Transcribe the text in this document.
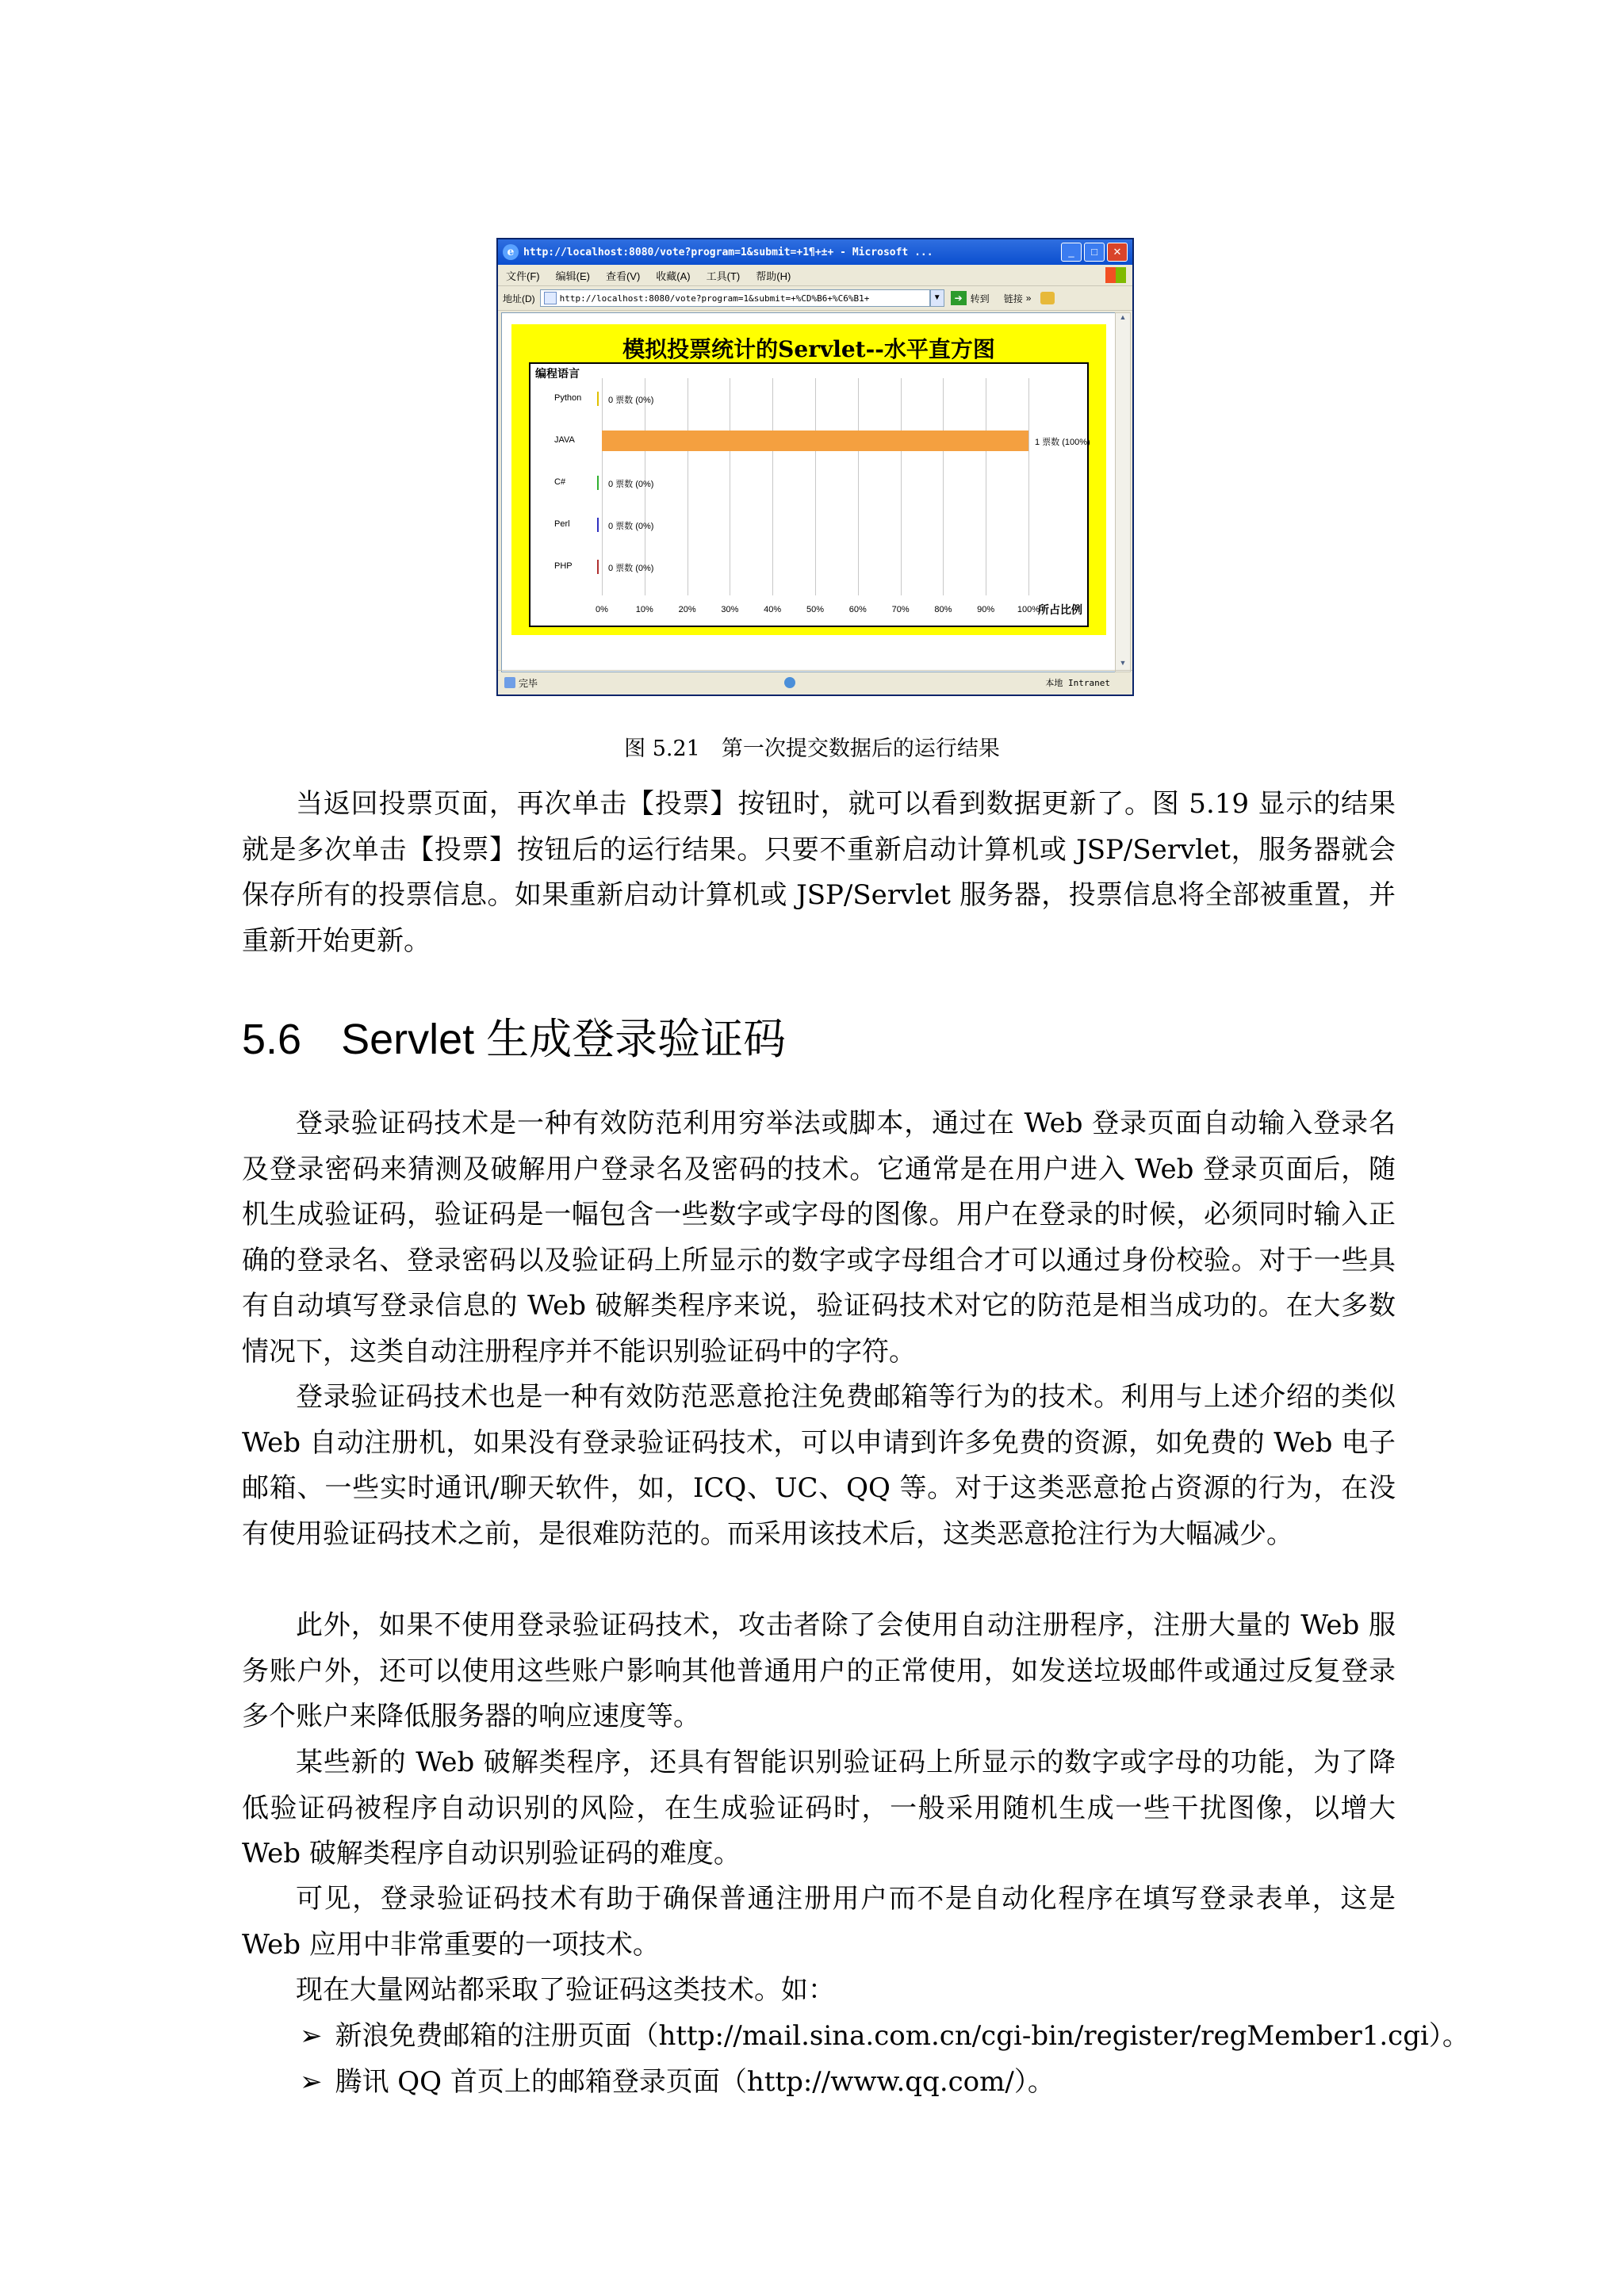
e http://localhost:8080/vote?program=1&submit=+1¶+±+ - Microsoft ...	_	□	✕
文件(F) 编辑(E) 查看(V) 收藏(A) 工具(T) 帮助(H)
地址(D)	http://localhost:8080/vote?program=1&submit=+%CD%B6+%C6%B1+	▼	➔ 转到 链接 »
模拟投票统计的Servlet--水平直方图
编程语言
所占比例
0%	10%	20%	30%	40%	50%	60%	70%	80%	90%	100%
Python	0 票数 (0%)
JAVA	1 票数 (100%)
C#	0 票数 (0%)
Perl	0 票数 (0%)
PHP	0 票数 (0%)
▲
▼
完毕	本地 Intranet
图 5.21　第一次提交数据后的运行结果
当返回投票页面，再次单击【投票】按钮时，就可以看到数据更新了。图 5.19 显示的结果就是多次单击【投票】按钮后的运行结果。只要不重新启动计算机或 JSP/Servlet，服务器就会保存所有的投票信息。如果重新启动计算机或 JSP/Servlet 服务器，投票信息将全部被重置，并重新开始更新。
5.6 Servlet 生成登录验证码
登录验证码技术是一种有效防范利用穷举法或脚本，通过在 Web 登录页面自动输入登录名及登录密码来猜测及破解用户登录名及密码的技术。它通常是在用户进入 Web 登录页面后，随机生成验证码，验证码是一幅包含一些数字或字母的图像。用户在登录的时候，必须同时输入正确的登录名、登录密码以及验证码上所显示的数字或字母组合才可以通过身份校验。对于一些具有自动填写登录信息的 Web 破解类程序来说，验证码技术对它的防范是相当成功的。在大多数情况下，这类自动注册程序并不能识别验证码中的字符。
登录验证码技术也是一种有效防范恶意抢注免费邮箱等行为的技术。利用与上述介绍的类似 Web 自动注册机，如果没有登录验证码技术，可以申请到许多免费的资源，如免费的 Web 电子邮箱、一些实时通讯/聊天软件，如，ICQ、UC、QQ 等。对于这类恶意抢占资源的行为，在没有使用验证码技术之前，是很难防范的。而采用该技术后，这类恶意抢注行为大幅减少。
此外，如果不使用登录验证码技术，攻击者除了会使用自动注册程序，注册大量的 Web 服务账户外，还可以使用这些账户影响其他普通用户的正常使用，如发送垃圾邮件或通过反复登录多个账户来降低服务器的响应速度等。
某些新的 Web 破解类程序，还具有智能识别验证码上所显示的数字或字母的功能，为了降低验证码被程序自动识别的风险，在生成验证码时，一般采用随机生成一些干扰图像，以增大 Web 破解类程序自动识别验证码的难度。
可见，登录验证码技术有助于确保普通注册用户而不是自动化程序在填写登录表单，这是 Web 应用中非常重要的一项技术。
现在大量网站都采取了验证码这类技术。如：
➢ 新浪免费邮箱的注册页面（http://mail.sina.com.cn/cgi-bin/register/regMember1.cgi）。
➢ 腾讯 QQ 首页上的邮箱登录页面（http://www.qq.com/）。
